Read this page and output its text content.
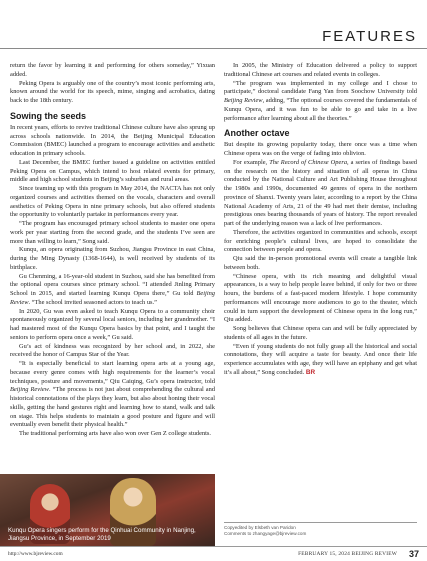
FEATURES

return the favor by learning it and performing for others someday,” Yixuan added.

Peking Opera is arguably one of the country’s most iconic performing arts, known around the world for its speech, mime, singing and acrobatics, dating back to the 18th century.

Sowing the seeds

In recent years, efforts to revive traditional Chinese culture have also sprung up across schools nationwide. In 2014, the Beijing Municipal Education Commission (BMEC) launched a program to encourage activities and aesthetic education in primary schools.

Last December, the BMEC further issued a guideline on activities entitled Peking Opera on Campus, which intend to host related events for primary, middle and high school students in Beijing’s suburban and rural areas.

Since teaming up with this program in May 2014, the NACTA has not only organized courses and activities themed on the vocals, characters and overall aesthetics of Peking Opera in nine primary schools, but also offered students the opportunity to voluntarily partake in performances every year.

“The program has encouraged primary school students to master one opera work per year starting from the second grade, and the students I’ve seen are more than willing to learn,” Song said.

Kunqu, an opera originating from Suzhou, Jiangsu Province in east China, during the Ming Dynasty (1368-1644), is well received by students of its birthplace.

Gu Chenming, a 16-year-old student in Suzhou, said she has benefited from the optional opera courses since primary school. “I attended Jinling Primary School in 2015, and started learning Kunqu Opera there,” Gu told Beijing Review. “The school invited seasoned actors to teach us.”

In 2020, Gu was even asked to teach Kunqu Opera to a community choir spontaneously organized by several local seniors, including her grandmother. “I had mastered most of the Kunqu Opera basics by that point, and I taught the seniors to perform opera once a week,” Gu said.

Gu’s act of kindness was recognized by her school and, in 2022, she received the honor of Campus Star of the Year.

“It is especially beneficial to start learning opera arts at a young age, because every genre comes with high requirements for the learner’s vocal techniques, posture and movements,” Qiu Caiqing, Gu’s opera instructor, told Beijing Review. “The process is not just about comprehending the cultural and historical connotations of the plays they learn, but also about honing their vocal skills, getting the hand gestures right and learning how to stand, walk and talk on stage. This helps students to maintain a good posture and figure and will eventually even benefit their physical health.”

The traditional performing arts have also won over Gen Z college students.

Kunqu Opera singers perform for the Qinhuai Community in Nanjing, Jiangsu Province, in September 2019

In 2005, the Ministry of Education delivered a policy to support traditional Chinese art courses and related events in colleges.

“The program was implemented in my college and I chose to participate,” doctoral candidate Fang Yan from Soochow University told Beijing Review, adding, “The optional courses covered the fundamentals of Kunqu Opera, and it was fun to be able to go and take in a live performance after learning about all the theories.”

Another octave

But despite its growing popularity today, there once was a time when Chinese opera was on the verge of fading into oblivion.

For example, The Record of Chinese Opera, a series of findings based on the research on the history and situation of all operas in China conducted by the National Culture and Art Publishing House throughout the 1980s and 1990s, documented 49 genres of opera in the northern province of Shanxi. Twenty years later, according to a report by the China National Academy of Arts, 21 of the 49 had met their demise, including prestigious ones bearing thousands of years of history. The report revealed part of the underlying reason was a lack of live performances.

Therefore, the activities organized in communities and schools, except for enriching people’s cultural lives, are hoped to consolidate the connection between people and opera.

Qiu said the in-person promotional events will create a tangible link between both.

“Chinese opera, with its rich meaning and delightful visual appearances, is a way to help people leave behind, if only for two or three hours, the burdens of a fast-paced modern lifestyle. I hope community performances will encourage more audiences to go to the theater, which could in turn support the development of Chinese opera in the long run,” Qiu added.

Song believes that Chinese opera can and will be fully appreciated by students of all ages in the future.

“Even if young students do not fully grasp all the historical and social connotations, they will acquire a taste for beauty. And once their life experience accumulates with age, they will have an epiphany and get what it’s all about,” Song concluded. BR

Copyedited by Elsbeth van Paridon
Comments to zhangyage@bjreview.com
http://www.bjreview.com	FEBRUARY 15, 2024 BEIJING REVIEW 37
